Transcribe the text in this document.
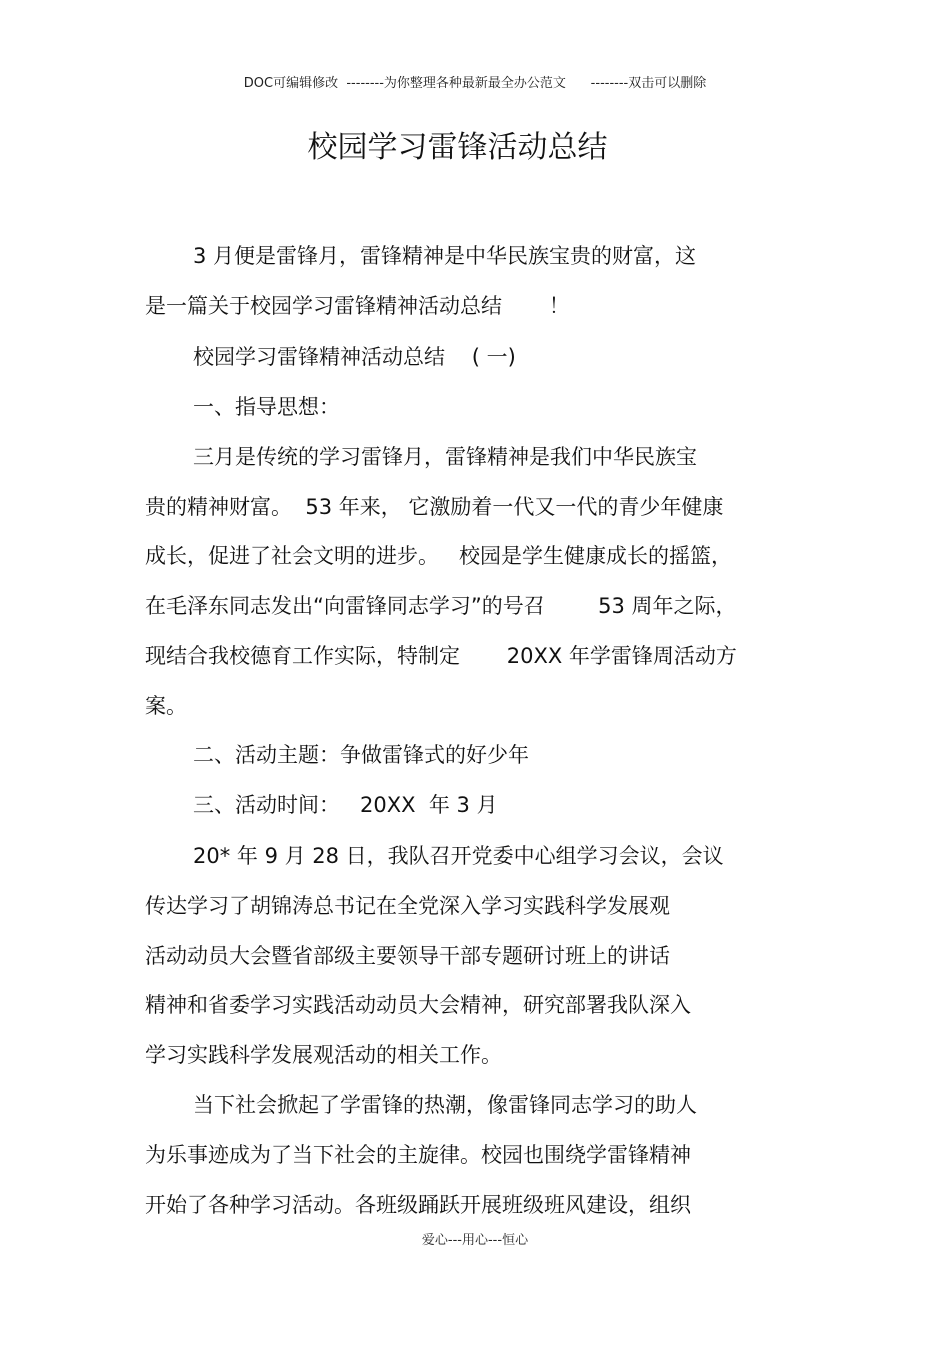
DOC可编辑修改  --------为你整理各种最新最全办公范文      --------双击可以删除
校园学习雷锋活动总结
3 月便是雷锋月，雷锋精神是中华民族宝贵的财富，这
是一篇关于校园学习雷锋精神活动总结       ！
校园学习雷锋精神活动总结    ( 一)
一、指导思想：
三月是传统的学习雷锋月，雷锋精神是我们中华民族宝
贵的精神财富。  53 年来， 它激励着一代又一代的青少年健康
成长，促进了社会文明的进步。   校园是学生健康成长的摇篮，
在毛泽东同志发出“向雷锋同志学习”的号召        53 周年之际，
现结合我校德育工作实际，特制定       20XX 年学雷锋周活动方
案。
二、活动主题：争做雷锋式的好少年
三、活动时间：   20XX  年 3 月
20* 年 9 月 28 日，我队召开党委中心组学习会议，会议
传达学习了胡锦涛总书记在全党深入学习实践科学发展观
活动动员大会暨省部级主要领导干部专题研讨班上的讲话
精神和省委学习实践活动动员大会精神，研究部署我队深入
学习实践科学发展观活动的相关工作。
当下社会掀起了学雷锋的热潮，像雷锋同志学习的助人
为乐事迹成为了当下社会的主旋律。校园也围绕学雷锋精神
开始了各种学习活动。各班级踊跃开展班级班风建设，组织
爱心---用心---恒心
